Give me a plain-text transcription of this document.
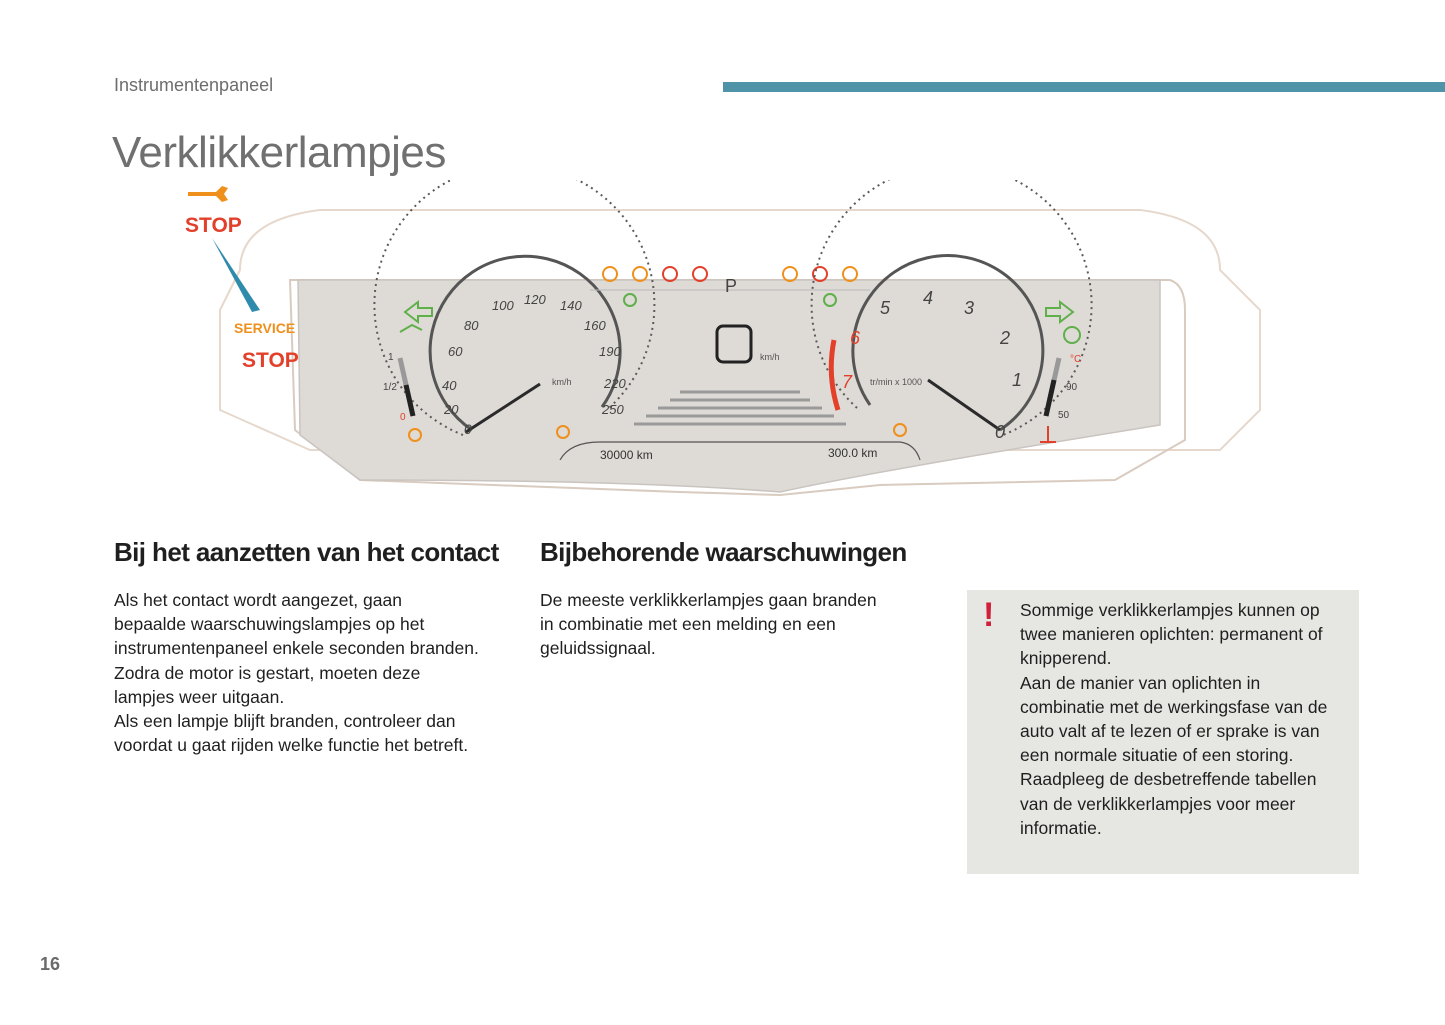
Instrumentenpaneel
Verklikkerlampjes
0
20
40
60
80
100 120 140
160
190
220
250
km/h
P
km/h
30000 km	300.0 km
1
1/2
0
0
1
2
3
4
5
6
7 tr/min x 1000
°C
90
50
STOP
SERVICE
STOP
Bij het aanzetten van het contact

Als het contact wordt aangezet, gaan

bepaalde waarschuwingslampjes op het

instrumentenpaneel enkele seconden branden.

Zodra de motor is gestart, moeten deze

lampjes weer uitgaan.

Als een lampje blijft branden, controleer dan

voordat u gaat rijden welke functie het betreft.

Bijbehorende waarschuwingen

De meeste verklikkerlampjes gaan branden

in combinatie met een melding en een

geluidssignaal.

! Sommige verklikkerlampjes kunnen op

twee manieren oplichten: permanent of

knipperend.

Aan de manier van oplichten in

combinatie met de werkingsfase van de

auto valt af te lezen of er sprake is van

een normale situatie of een storing.

Raadpleeg de desbetreffende tabellen

van de verklikkerlampjes voor meer

informatie.

16
